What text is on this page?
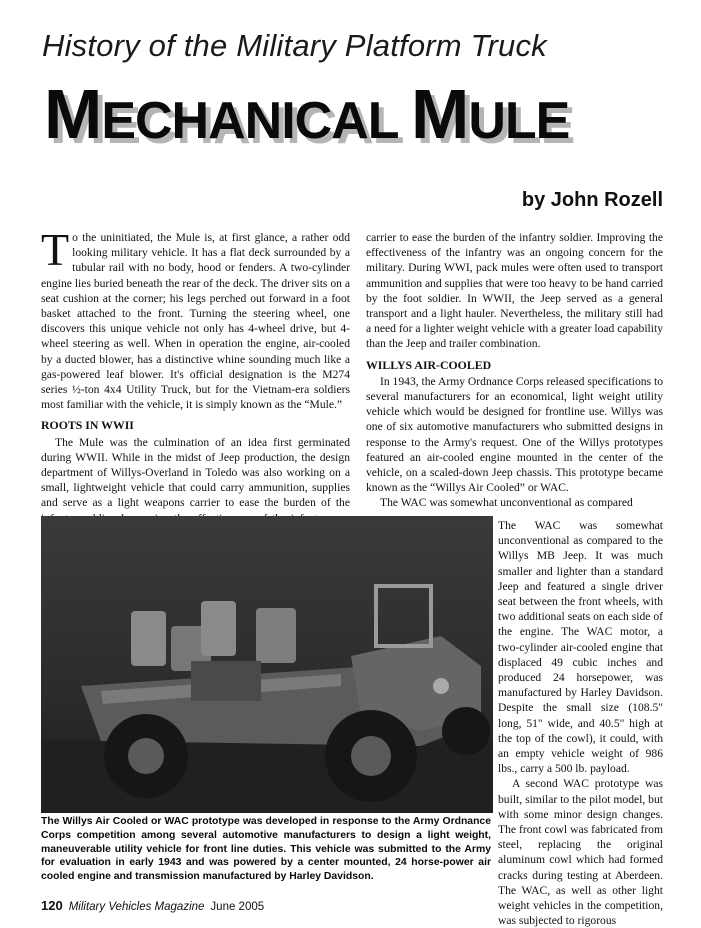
History of the Military Platform Truck
MECHANICAL MULE
by John Rozell

To the uninitiated, the Mule is, at first glance, a rather odd looking military vehicle. It has a flat deck surrounded by a tubular rail with no body, hood or fenders. A two-cylinder engine lies buried beneath the rear of the deck. The driver sits on a seat cushion at the corner; his legs perched out forward in a foot basket attached to the front. Turning the steering wheel, one discovers this unique vehicle not only has 4-wheel drive, but 4-wheel steering as well. When in operation the engine, air-cooled by a ducted blower, has a distinctive whine sounding much like a gas-powered leaf blower. It's official designation is the M274 series ½-ton 4x4 Utility Truck, but for the Vietnam-era soldiers most familiar with the vehicle, it is simply known as the “Mule.”

ROOTS IN WWII

The Mule was the culmination of an idea first germinated during WWII. While in the midst of Jeep production, the design department of Willys-Overland in Toledo was also working on a small, lightweight vehicle that could carry ammunition, supplies and serve as a light weapons carrier to ease the burden of the

carrier to ease the burden of the infantry soldier. Improving the effectiveness of the infantry was an ongoing concern for the military. During WWI, pack mules were often used to transport ammunition and supplies that were too heavy to be hand carried by the foot soldier. In WWII, the Jeep served as a general transport and a light hauler. Nevertheless, the military still had a need for a lighter weight vehicle with a greater load capability than the Jeep and trailer combination.

WILLYS AIR-COOLED

In 1943, the Army Ordnance Corps released specifications to several manufacturers for an economical, light weight utility vehicle which would be designed for frontline use. Willys was one of six automotive manufacturers who submitted designs in response to the Army's request. One of the Willys prototypes featured an air-cooled engine mounted in the center of the vehicle, on a scaled-down Jeep chassis. This prototype became known as the “Willys Air Cooled” or WAC.

The WAC was somewhat unconventional as compared

The WAC was somewhat unconventional as compared to the Willys MB Jeep. It was much smaller and lighter than a standard Jeep and featured a single driver seat between the front wheels, with two additional seats on each side of the engine. The WAC motor, a two-cylinder air-cooled engine that displaced 49 cubic inches and produced 24 horsepower, was manufactured by Harley Davidson. Despite the small size (108.5" long, 51" wide, and 40.5" high at the top of the cowl), it could, with an empty vehicle weight of 986 lbs., carry a 500 lb. payload.

A second WAC prototype was built, similar to the pilot model, but with some minor design changes. The front cowl was fabricated from steel, replacing the original aluminum cowl which had formed cracks during testing at Aberdeen. The WAC, as well as other light weight vehicles in the competition, was subjected to rigorous

The Willys Air Cooled or WAC prototype was developed in response to the Army Ordnance Corps competition among several automotive manufacturers to design a light weight, maneuverable utility vehicle for front line duties. This vehicle was submitted to the Army for evaluation in early 1943 and was powered by a center mounted, 24 horse-power air cooled engine and transmission manufactured by Harley Davidson.
120 Military Vehicles Magazine June 2005
